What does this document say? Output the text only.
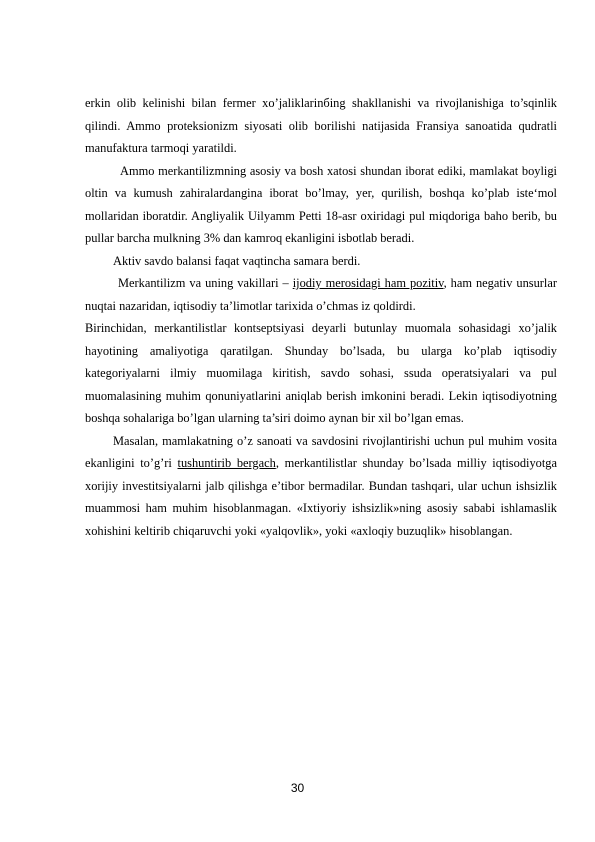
erkin olib kelinishi bilan fermer xo’jaliklarinбing shakllanishi va rivojlanishiga to’sqinlik qilindi. Ammo proteksionizm siyosati olib borilishi natijasida Fransiya sanoatida qudratli manufaktura tarmoqi yaratildi.

Ammo merkantilizmning asosiy va bosh xatosi shundan iborat ediki, mamlakat boyligi oltin va kumush zahiralardangina iborat bo’lmay, yer, qurilish, boshqa ko’plab iste‘mol mollaridan iboratdir. Angliyalik Uilyamm Petti 18-asr oxiridagi pul miqdoriga baho berib, bu pullar barcha mulkning 3% dan kamroq ekanligini isbotlab beradi.

Aktiv savdo balansi faqat vaqtincha samara berdi.

Merkantilizm va uning vakillari – ijodiy merosidagi ham pozitiv, ham negativ unsurlar nuqtai nazaridan, iqtisodiy ta’limotlar tarixida o’chmas iz qoldirdi.

Birinchidan, merkantilistlar kontseptsiyasi deyarli butunlay muomala sohasidagi xo’jalik hayotining amaliyotiga qaratilgan. Shunday bo’lsada, bu ularga ko’plab iqtisodiy kategoriyalarni ilmiy muomilaga kiritish, savdo sohasi, ssuda operatsiyalari va pul muomalasining muhim qonuniyatlarini aniqlab berish imkonini beradi. Lekin iqtisodiyotning boshqa sohalariga bo’lgan ularning ta’siri doimo aynan bir xil bo’lgan emas.

Masalan, mamlakatning o’z sanoati va savdosini rivojlantirishi uchun pul muhim vosita ekanligini to’g’ri tushuntirib bergach, merkantilistlar shunday bo’lsada milliy iqtisodiyotga xorijiy investitsiyalarni jalb qilishga e’tibor bermadilar. Bundan tashqari, ular uchun ishsizlik muammosi ham muhim hisoblanmagan. «Ixtiyoriy ishsizlik»ning asosiy sababi ishlamaslik xohishini keltirib chiqaruvchi yoki «yalqovlik», yoki «axloqiy buzuqlik» hisoblangan.

30
